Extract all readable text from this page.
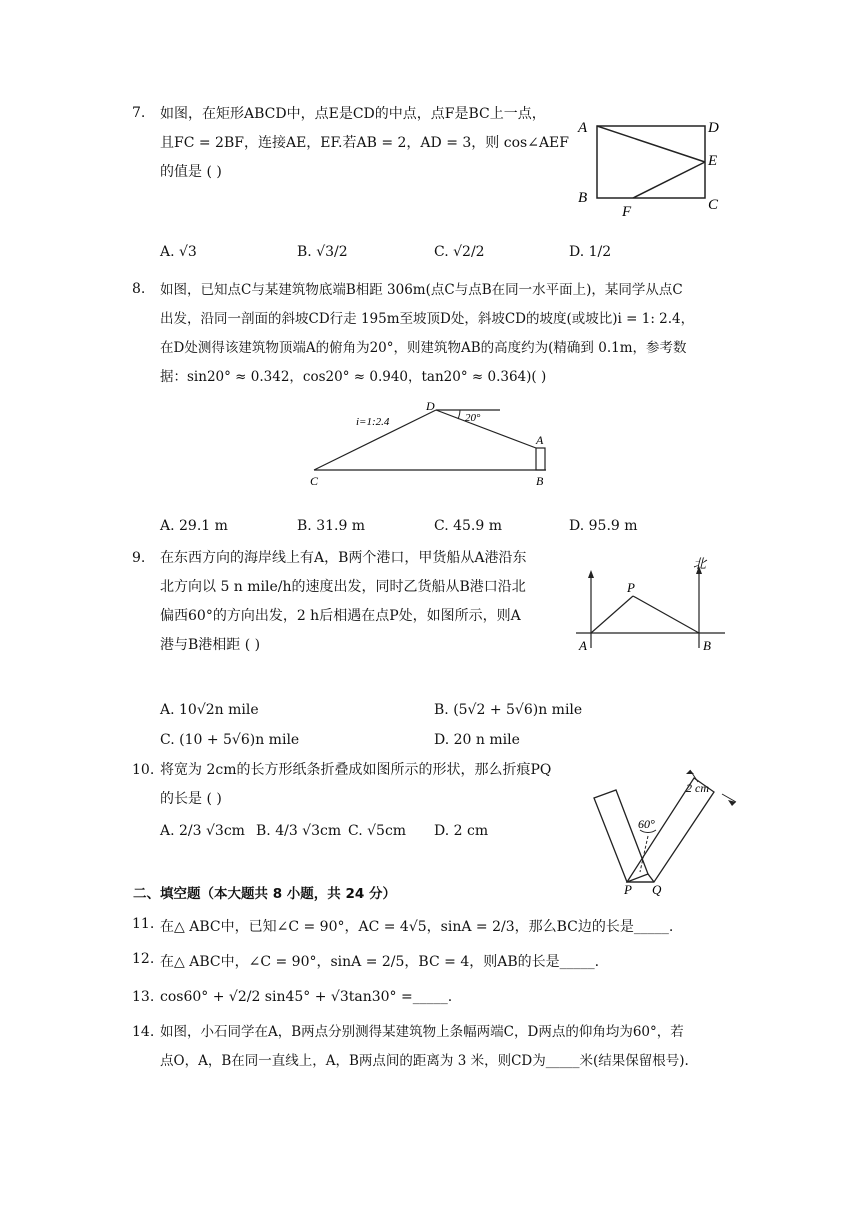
7. 如图，在矩形ABCD中，点E是CD的中点，点F是BC上一点，
且FC = 2BF，连接AE，EF.若AB = 2，AD = 3，则 cos∠AEF
的值是 ( )
A	D
E
B	C
F
A. √3	B. √3/2	C. √2/2	D. 1/2
8. 如图，已知点C与某建筑物底端B相距 306m(点C与点B在同一水平面上)，某同学从点C
出发，沿同一剖面的斜坡CD行走 195m至坡顶D处，斜坡CD的坡度(或坡比)i = 1: 2.4，
在D处测得该建筑物顶端A的俯角为20°，则建筑物AB的高度约为(精确到 0.1m，参考数
据：sin20° ≈ 0.342，cos20° ≈ 0.940，tan20° ≈ 0.364)( )
i=1:2.4	20°
D
A
C	B
A. 29.1 m	B. 31.9 m	C. 45.9 m	D. 95.9 m
9. 在东西方向的海岸线上有A，B两个港口，甲货船从A港沿东
北方向以 5 n mile/h的速度出发，同时乙货船从B港口沿北
偏西60°的方向出发，2 h后相遇在点P处，如图所示，则A
港与B港相距 ( )
北
P
A	B
A. 10√2n mile	B. (5√2 + 5√6)n mile
C. (10 + 5√6)n mile	D. 20 n mile
10. 将宽为 2cm的长方形纸条折叠成如图所示的形状，那么折痕PQ
的长是 ( )
A. 2/3 √3cm B. 4/3 √3cm C. √5cm D. 2 cm	60°
2 cm
P Q
二、填空题（本大题共 8 小题，共 24 分）
11. 在△ ABC中，已知∠C = 90°，AC = 4√5，sinA = 2/3，那么BC边的长是_____.
12. 在△ ABC中，∠C = 90°，sinA = 2/5，BC = 4，则AB的长是_____.
13. cos60° + √2/2 sin45° + √3tan30° =_____.
14. 如图，小石同学在A，B两点分别测得某建筑物上条幅两端C，D两点的仰角均为60°，若
点O，A，B在同一直线上，A，B两点间的距离为 3 米，则CD为_____米(结果保留根号).
